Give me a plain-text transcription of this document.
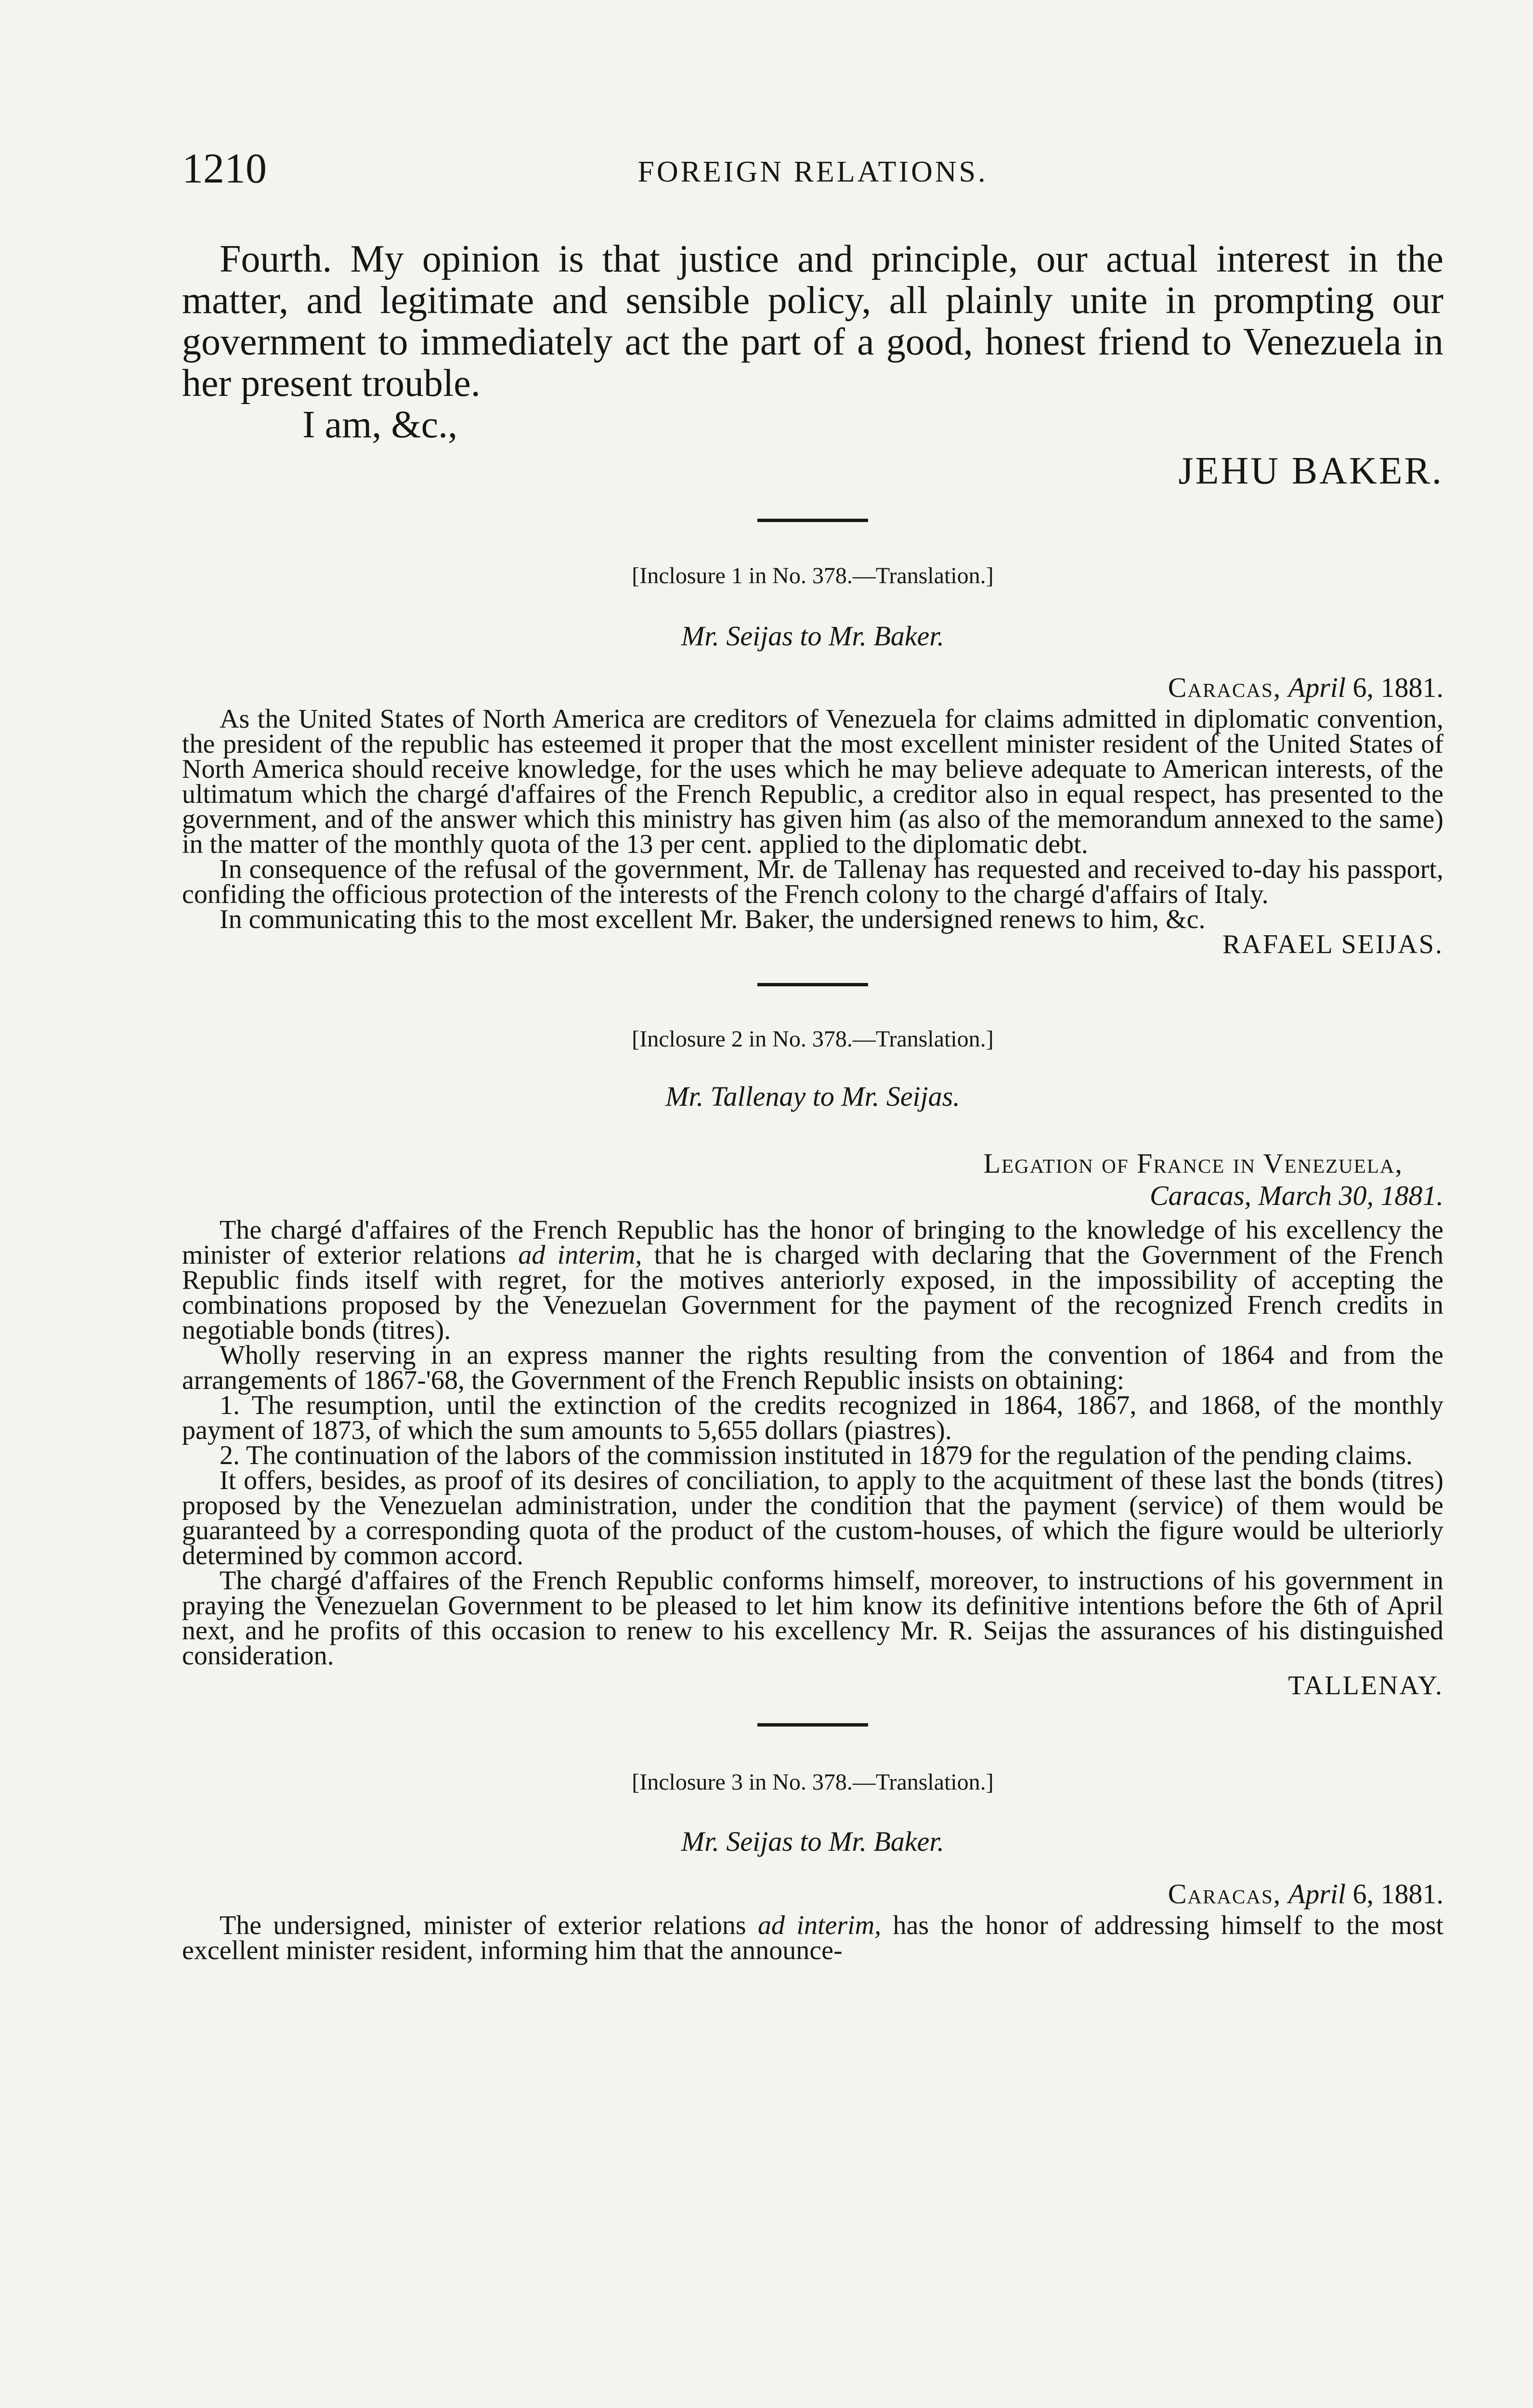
1210	FOREIGN RELATIONS.

Fourth. My opinion is that justice and principle, our actual interest in the matter, and legitimate and sensible policy, all plainly unite in prompting our government to immediately act the part of a good, honest friend to Venezuela in her present trouble.

I am, &c.,

JEHU BAKER.

[Inclosure 1 in No. 378.—Translation.]

Mr. Seijas to Mr. Baker.

Caracas, April 6, 1881.

As the United States of North America are creditors of Venezuela for claims admitted in diplomatic convention, the president of the republic has esteemed it proper that the most excellent minister resident of the United States of North America should receive knowledge, for the uses which he may believe adequate to American interests, of the ultimatum which the chargé d'affaires of the French Republic, a creditor also in equal respect, has presented to the government, and of the answer which this ministry has given him (as also of the memorandum annexed to the same) in the matter of the monthly quota of the 13 per cent. applied to the diplomatic debt.

In consequence of the refusal of the government, Mr. de Tallenay has requested and received to-day his passport, confiding the officious protection of the interests of the French colony to the chargé d'affairs of Italy.

In communicating this to the most excellent Mr. Baker, the undersigned renews to him, &c.

RAFAEL SEIJAS.

[Inclosure 2 in No. 378.—Translation.]

Mr. Tallenay to Mr. Seijas.

Legation of France in Venezuela,

Caracas, March 30, 1881.

The chargé d'affaires of the French Republic has the honor of bringing to the knowledge of his excellency the minister of exterior relations ad interim, that he is charged with declaring that the Government of the French Republic finds itself with regret, for the motives anteriorly exposed, in the impossibility of accepting the combinations proposed by the Venezuelan Government for the payment of the recognized French credits in negotiable bonds (titres).

Wholly reserving in an express manner the rights resulting from the convention of 1864 and from the arrangements of 1867-'68, the Government of the French Republic insists on obtaining:

1. The resumption, until the extinction of the credits recognized in 1864, 1867, and 1868, of the monthly payment of 1873, of which the sum amounts to 5,655 dollars (piastres).

2. The continuation of the labors of the commission instituted in 1879 for the regulation of the pending claims.

It offers, besides, as proof of its desires of conciliation, to apply to the acquitment of these last the bonds (titres) proposed by the Venezuelan administration, under the condition that the payment (service) of them would be guaranteed by a corresponding quota of the product of the custom-houses, of which the figure would be ulteriorly determined by common accord.

The chargé d'affaires of the French Republic conforms himself, moreover, to instructions of his government in praying the Venezuelan Government to be pleased to let him know its definitive intentions before the 6th of April next, and he profits of this occasion to renew to his excellency Mr. R. Seijas the assurances of his distinguished consideration.

TALLENAY.

[Inclosure 3 in No. 378.—Translation.]

Mr. Seijas to Mr. Baker.

Caracas, April 6, 1881.

The undersigned, minister of exterior relations ad interim, has the honor of addressing himself to the most excellent minister resident, informing him that the announce-
